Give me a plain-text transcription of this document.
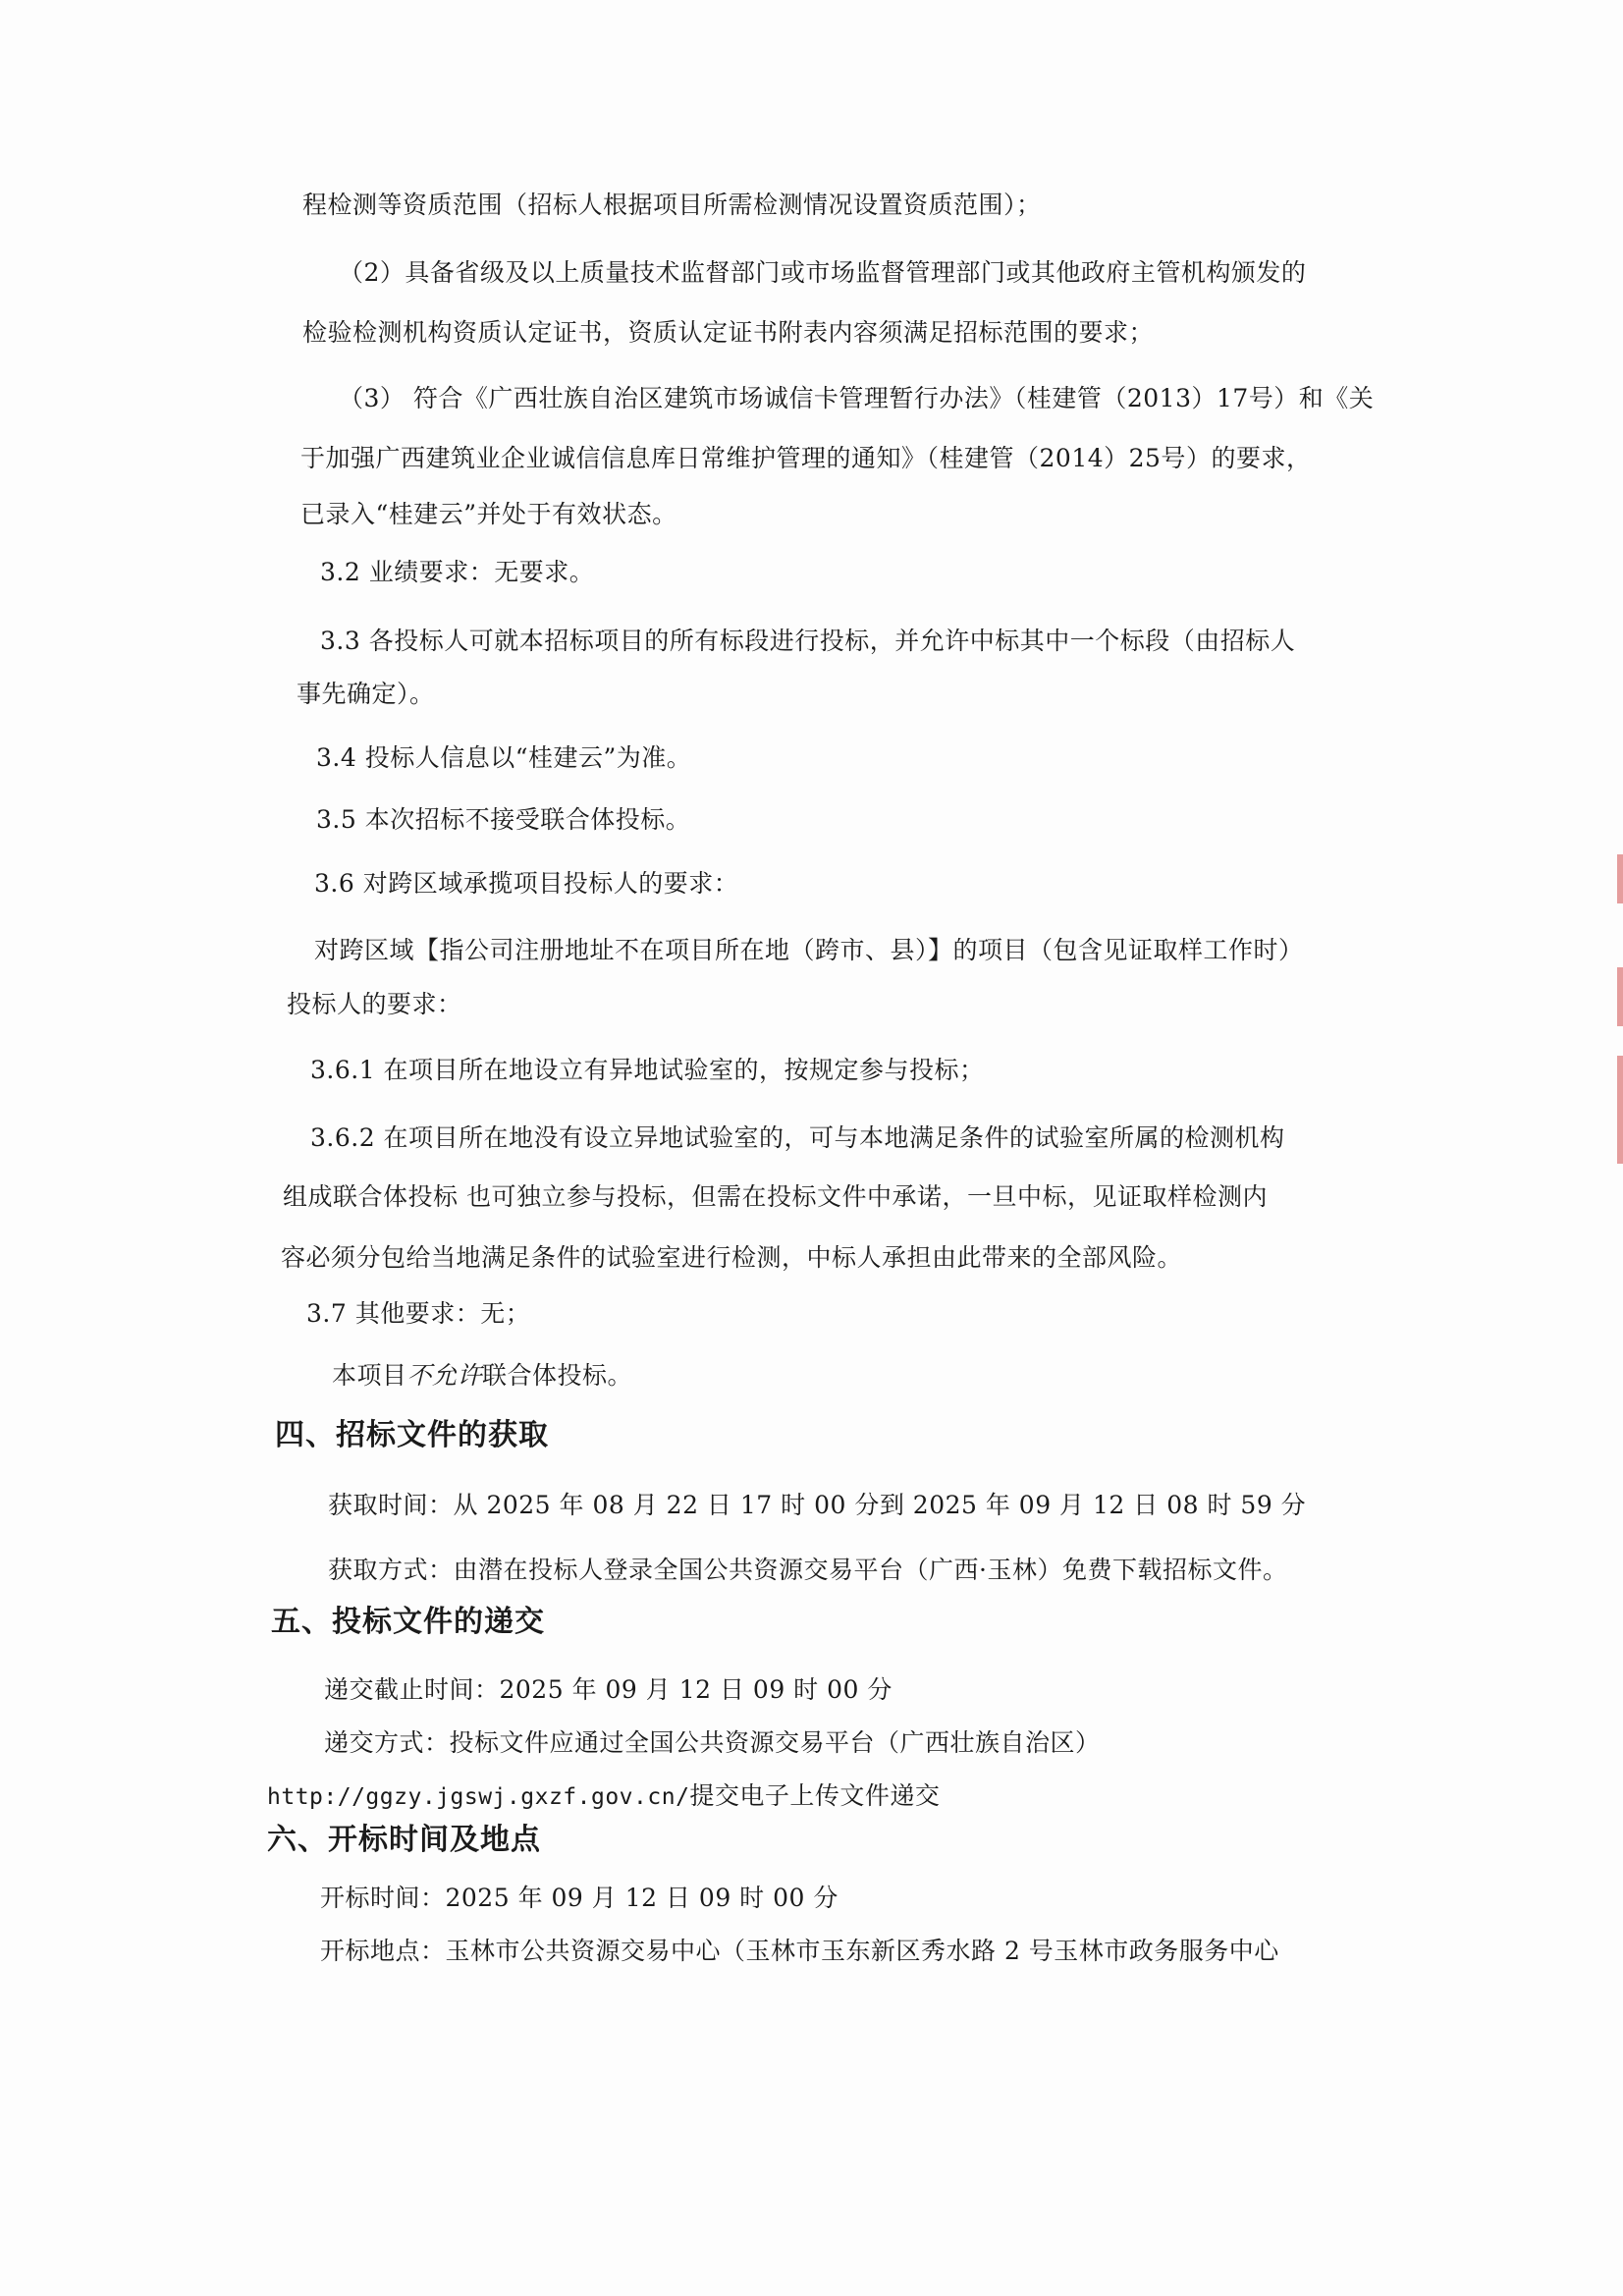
程检测等资质范围（招标人根据项目所需检测情况设置资质范围）；
（2）具备省级及以上质量技术监督部门或市场监督管理部门或其他政府主管机构颁发的
检验检测机构资质认定证书，资质认定证书附表内容须满足招标范围的要求；
（3） 符合《广西壮族自治区建筑市场诚信卡管理暂行办法》（桂建管（2013）17号）和《关
于加强广西建筑业企业诚信信息库日常维护管理的通知》（桂建管（2014）25号）的要求，
已录入“桂建云”并处于有效状态。
3.2 业绩要求：无要求。
3.3 各投标人可就本招标项目的所有标段进行投标，并允许中标其中一个标段（由招标人
事先确定）。
3.4 投标人信息以“桂建云”为准。
3.5 本次招标不接受联合体投标。
3.6 对跨区域承揽项目投标人的要求：
对跨区域【指公司注册地址不在项目所在地（跨市、县）】的项目（包含见证取样工作时）
投标人的要求：
3.6.1 在项目所在地设立有异地试验室的，按规定参与投标；
3.6.2 在项目所在地没有设立异地试验室的，可与本地满足条件的试验室所属的检测机构
组成联合体投标 也可独立参与投标，但需在投标文件中承诺，一旦中标，见证取样检测内
容必须分包给当地满足条件的试验室进行检测，中标人承担由此带来的全部风险。
3.7 其他要求：无；
本项目不允许联合体投标。
四、招标文件的获取
获取时间：从 2025 年 08 月 22 日 17 时 00 分到 2025 年 09 月 12 日 08 时 59 分
获取方式：由潜在投标人登录全国公共资源交易平台（广西·玉林）免费下载招标文件。
五、投标文件的递交
递交截止时间：2025 年 09 月 12 日 09 时 00 分
递交方式：投标文件应通过全国公共资源交易平台（广西壮族自治区）
http://ggzy.jgswj.gxzf.gov.cn/提交电子上传文件递交
六、开标时间及地点
开标时间：2025 年 09 月 12 日 09 时 00 分
开标地点：玉林市公共资源交易中心（玉林市玉东新区秀水路 2 号玉林市政务服务中心
